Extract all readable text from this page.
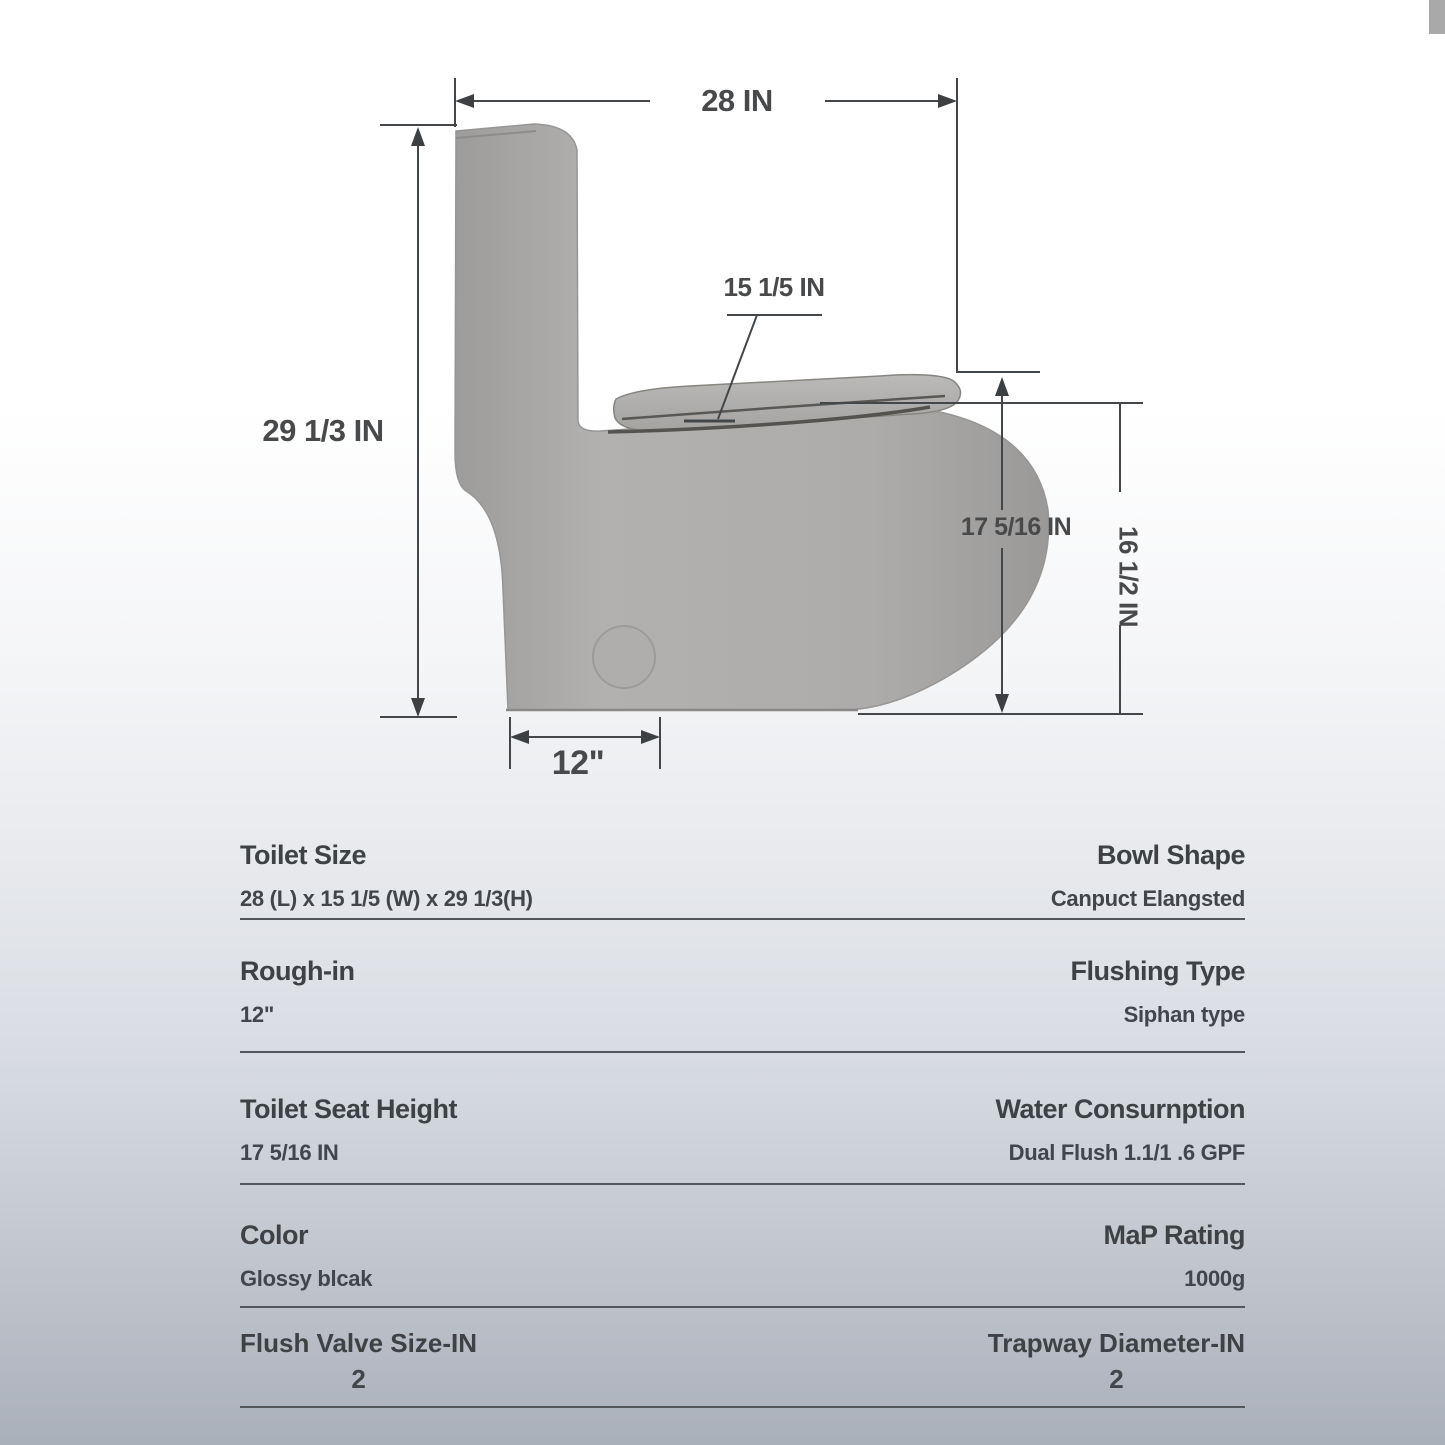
28 IN
15 1/5 IN
29 1/3 IN
17 5/16 IN	16 1/2 IN
12"
Toilet Size
28 (L) x 15 1/5 (W) x 29 1/3(H)
Bowl Shape
Canpuct Elangsted
Rough-in
12"
Flushing Type
Siphan type
Toilet Seat Height
17 5/16 IN
Water Consurnption
Dual Flush 1.1/1 .6 GPF
Color
Glossy blcak
MaP Rating
1000g
Flush Valve Size-IN
2
Trapway Diameter-IN
2
